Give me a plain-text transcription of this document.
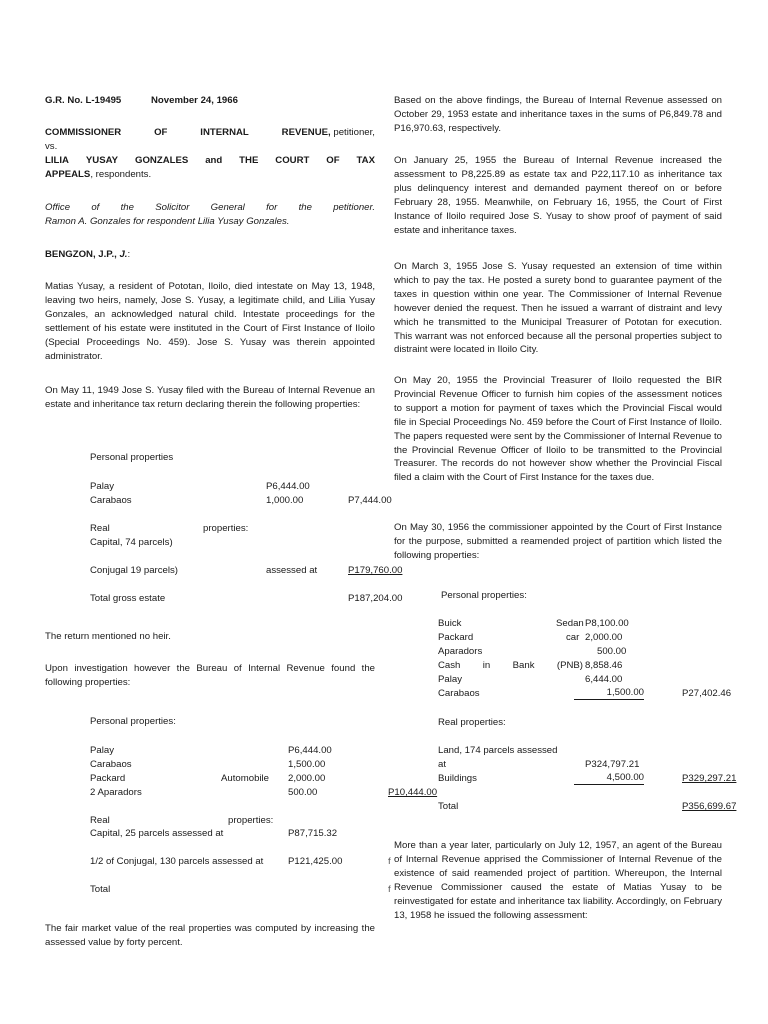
G.R. No. L-19495	November 24, 1966
COMMISSIONER	OF	INTERNAL	REVENUE, petitioner,
vs.
LILIA YUSAY GONZALES and THE COURT OF TAX
APPEALS, respondents.
Office of the Solicitor General for the petitioner.
Ramon A. Gonzales for respondent Lilia Yusay Gonzales.
BENGZON, J.P., J.:
Matias Yusay, a resident of Pototan, Iloilo, died intestate on May 13, 1948, leaving two heirs, namely, Jose S. Yusay, a legitimate child, and Lilia Yusay Gonzales, an acknowledged natural child. Intestate proceedings for the settlement of his estate were instituted in the Court of First Instance of Iloilo (Special Proceedings No. 459). Jose S. Yusay was therein appointed administrator.
On May 11, 1949 Jose S. Yusay filed with the Bureau of Internal Revenue an estate and inheritance tax return declaring therein the following properties:
Personal properties
Palay	P6,444.00
Carabaos	1,000.00	P7,444.00
Real	properties:
Capital, 74 parcels)
Conjugal 19 parcels)	assessed at	P179,760.00
Total gross estate	P187,204.00
The return mentioned no heir.
Upon investigation however the Bureau of Internal Revenue found the following properties:
Personal properties:
Palay	P6,444.00
Carabaos	1,500.00
Packard	Automobile 2,000.00
2 Aparadors	500.00	P10,444.00
Real	properties:
Capital, 25 parcels assessed at	P87,715.32
1/2 of Conjugal, 130 parcels assessed at	P121,425.00	f
Total	f
The fair market value of the real properties was computed by increasing the assessed value by forty percent.
Based on the above findings, the Bureau of Internal Revenue assessed on October 29, 1953 estate and inheritance taxes in the sums of P6,849.78 and P16,970.63, respectively.
On January 25, 1955 the Bureau of Internal Revenue increased the assessment to P8,225.89 as estate tax and P22,117.10 as inheritance tax plus delinquency interest and demanded payment thereof on or before February 28, 1955. Meanwhile, on February 16, 1955, the Court of First Instance of Iloilo required Jose S. Yusay to show proof of payment of said estate and inheritance taxes.
On March 3, 1955 Jose S. Yusay requested an extension of time within which to pay the tax. He posted a surety bond to guarantee payment of the taxes in question within one year. The Commissioner of Internal Revenue however denied the request. Then he issued a warrant of distraint and levy which he transmitted to the Municipal Treasurer of Pototan for execution. This warrant was not enforced because all the personal properties subject to distraint were located in Iloilo City.
On May 20, 1955 the Provincial Treasurer of Iloilo requested the BIR Provincial Revenue Officer to furnish him copies of the assessment notices to support a motion for payment of taxes which the Provincial Fiscal would file in Special Proceedings No. 459 before the Court of First Instance of Iloilo. The papers requested were sent by the Commissioner of Internal Revenue to the Provincial Revenue Officer of Iloilo to be transmitted to the Provincial Treasurer. The records do not however show whether the Provincial Fiscal filed a claim with the Court of First Instance for the taxes due.
On May 30, 1956 the commissioner appointed by the Court of First Instance for the purpose, submitted a reamended project of partition which listed the following properties:
Personal properties:
Buick	Sedan P8,100.00
Packard	car 2,000.00
Aparadors	500.00
Cash in Bank (PNB) 8,858.46
Palay	6,444.00
Carabaos	1,500.00	P27,402.46
Real properties:
Land, 174 parcels assessed
at	P324,797.21
Buildings	4,500.00	P329,297.21
Total	P356,699.67
More than a year later, particularly on July 12, 1957, an agent of the Bureau of Internal Revenue apprised the Commissioner of Internal Revenue of the existence of said reamended project of partition. Whereupon, the Internal Revenue Commissioner caused the estate of Matias Yusay to be reinvestigated for estate and inheritance tax liability. Accordingly, on February 13, 1958 he issued the following assessment:
